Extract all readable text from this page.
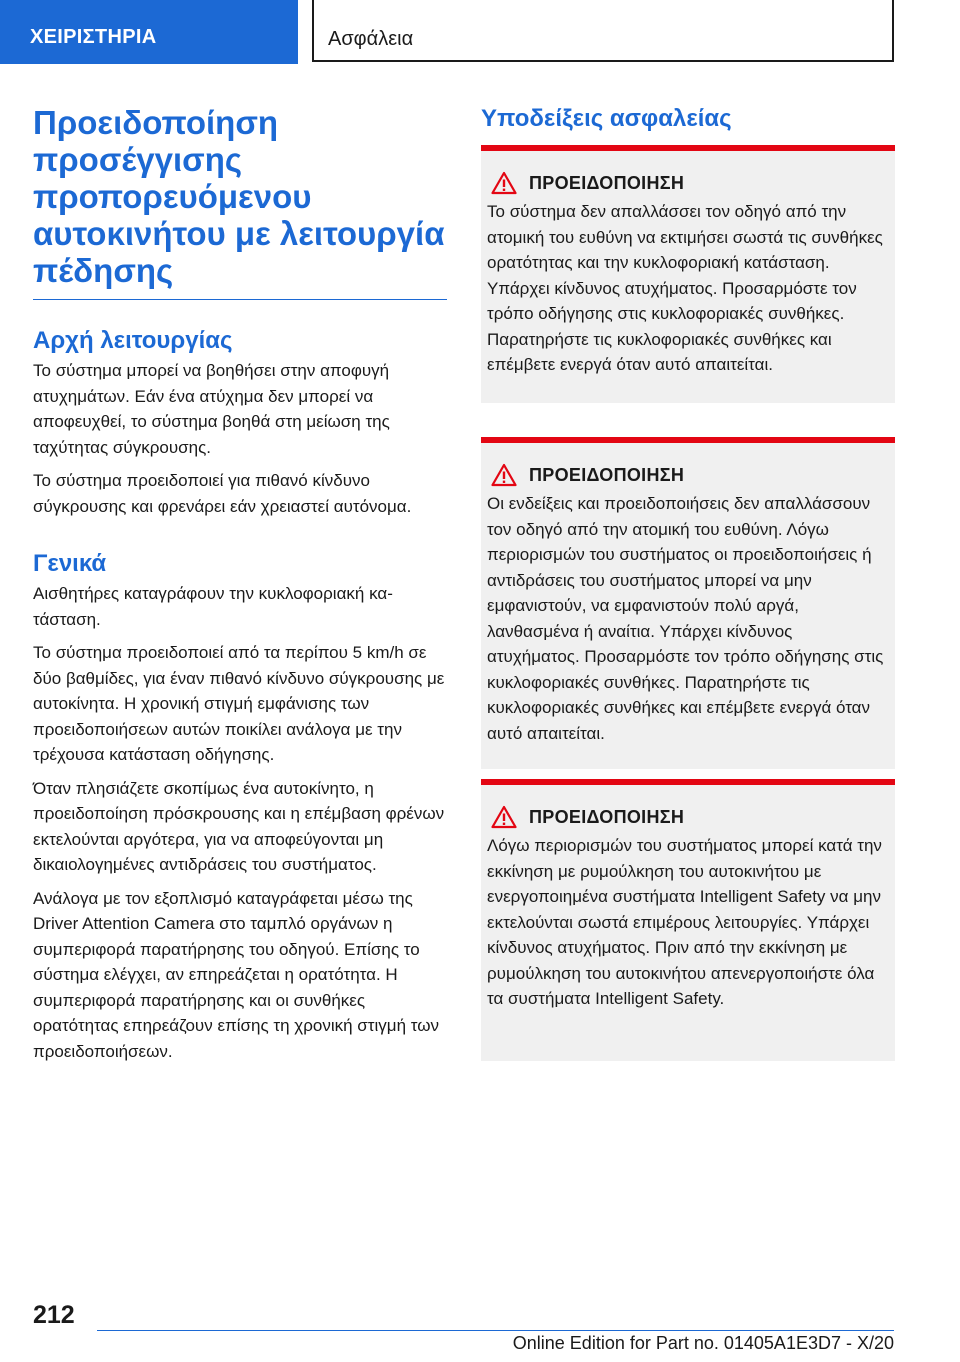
ΧΕΙΡΙΣΤΗΡΙΑ	Ασφάλεια
Προειδοποίηση προσέγγισης προπορευόμενου αυτοκινήτου με λειτουργία πέδησης
Αρχή λειτουργίας

Το σύστημα μπορεί να βοηθήσει στην αποφυγή ατυχημάτων. Εάν ένα ατύχημα δεν μπορεί να αποφευχθεί, το σύστημα βοηθά στη μείωση της ταχύτητας σύγκρουσης.

Το σύστημα προειδοποιεί για πιθανό κίνδυνο σύγκρουσης και φρενάρει εάν χρειαστεί αυτόνομα.

Γενικά

Αισθητήρες καταγράφουν την κυκλοφοριακή κατάσταση.

Το σύστημα προειδοποιεί από τα περίπου 5 km/h σε δύο βαθμίδες, για έναν πιθανό κίνδυνο σύγκρουσης με αυτοκίνητα. Η χρονική στιγμή εμφάνισης των προειδοποιήσεων αυτών ποικίλει ανάλογα με την τρέχουσα κατάσταση οδήγησης.

Όταν πλησιάζετε σκοπίμως ένα αυτοκίνητο, η προειδοποίηση πρόσκρουσης και η επέμβαση φρένων εκτελούνται αργότερα, για να αποφεύγονται μη δικαιολογημένες αντιδράσεις του συστήματος.

Ανάλογα με τον εξοπλισμό καταγράφεται μέσω της Driver Attention Camera στο ταμπλό οργάνων η συμπεριφορά παρατήρησης του οδηγού. Επίσης το σύστημα ελέγχει, αν επηρεάζεται η ορατότητα. Η συμπεριφορά παρατήρησης και οι συνθήκες ορατότητας επηρεάζουν επίσης τη χρονική στιγμή των προειδοποιήσεων.

Υποδείξεις ασφαλείας
ΠΡΟΕΙΔΟΠΟΙΗΣΗ

Το σύστημα δεν απαλλάσσει τον οδηγό από την ατομική του ευθύνη να εκτιμήσει σωστά τις συνθήκες ορατότητας και την κυκλοφοριακή κατάσταση. Υπάρχει κίνδυνος ατυχήματος. Προσαρμόστε τον τρόπο οδήγησης στις κυκλοφοριακές συνθήκες. Παρατηρήστε τις κυκλοφοριακές συνθήκες και επέμβετε ενεργά όταν αυτό απαιτείται.

ΠΡΟΕΙΔΟΠΟΙΗΣΗ

Οι ενδείξεις και προειδοποιήσεις δεν απαλλάσσουν τον οδηγό από την ατομική του ευθύνη. Λόγω περιορισμών του συστήματος οι προειδοποιήσεις ή αντιδράσεις του συστήματος μπορεί να μην εμφανιστούν, να εμφανιστούν πολύ αργά, λανθασμένα ή αναίτια. Υπάρχει κίνδυνος ατυχήματος. Προσαρμόστε τον τρόπο οδήγησης στις κυκλοφοριακές συνθήκες. Παρατηρήστε τις κυκλοφοριακές συνθήκες και επέμβετε ενεργά όταν αυτό απαιτείται.

ΠΡΟΕΙΔΟΠΟΙΗΣΗ

Λόγω περιορισμών του συστήματος μπορεί κατά την εκκίνηση με ρυμούλκηση του αυτοκινήτου με ενεργοποιημένα συστήματα Intelligent Safety να μην εκτελούνται σωστά επιμέρους λειτουργίες. Υπάρχει κίνδυνος ατυχήματος. Πριν από την εκκίνηση με ρυμούλκηση του αυτοκινήτου απενεργοποιήστε όλα τα συστήματα Intelligent Safety.

212
Online Edition for Part no. 01405A1E3D7 - X/20
